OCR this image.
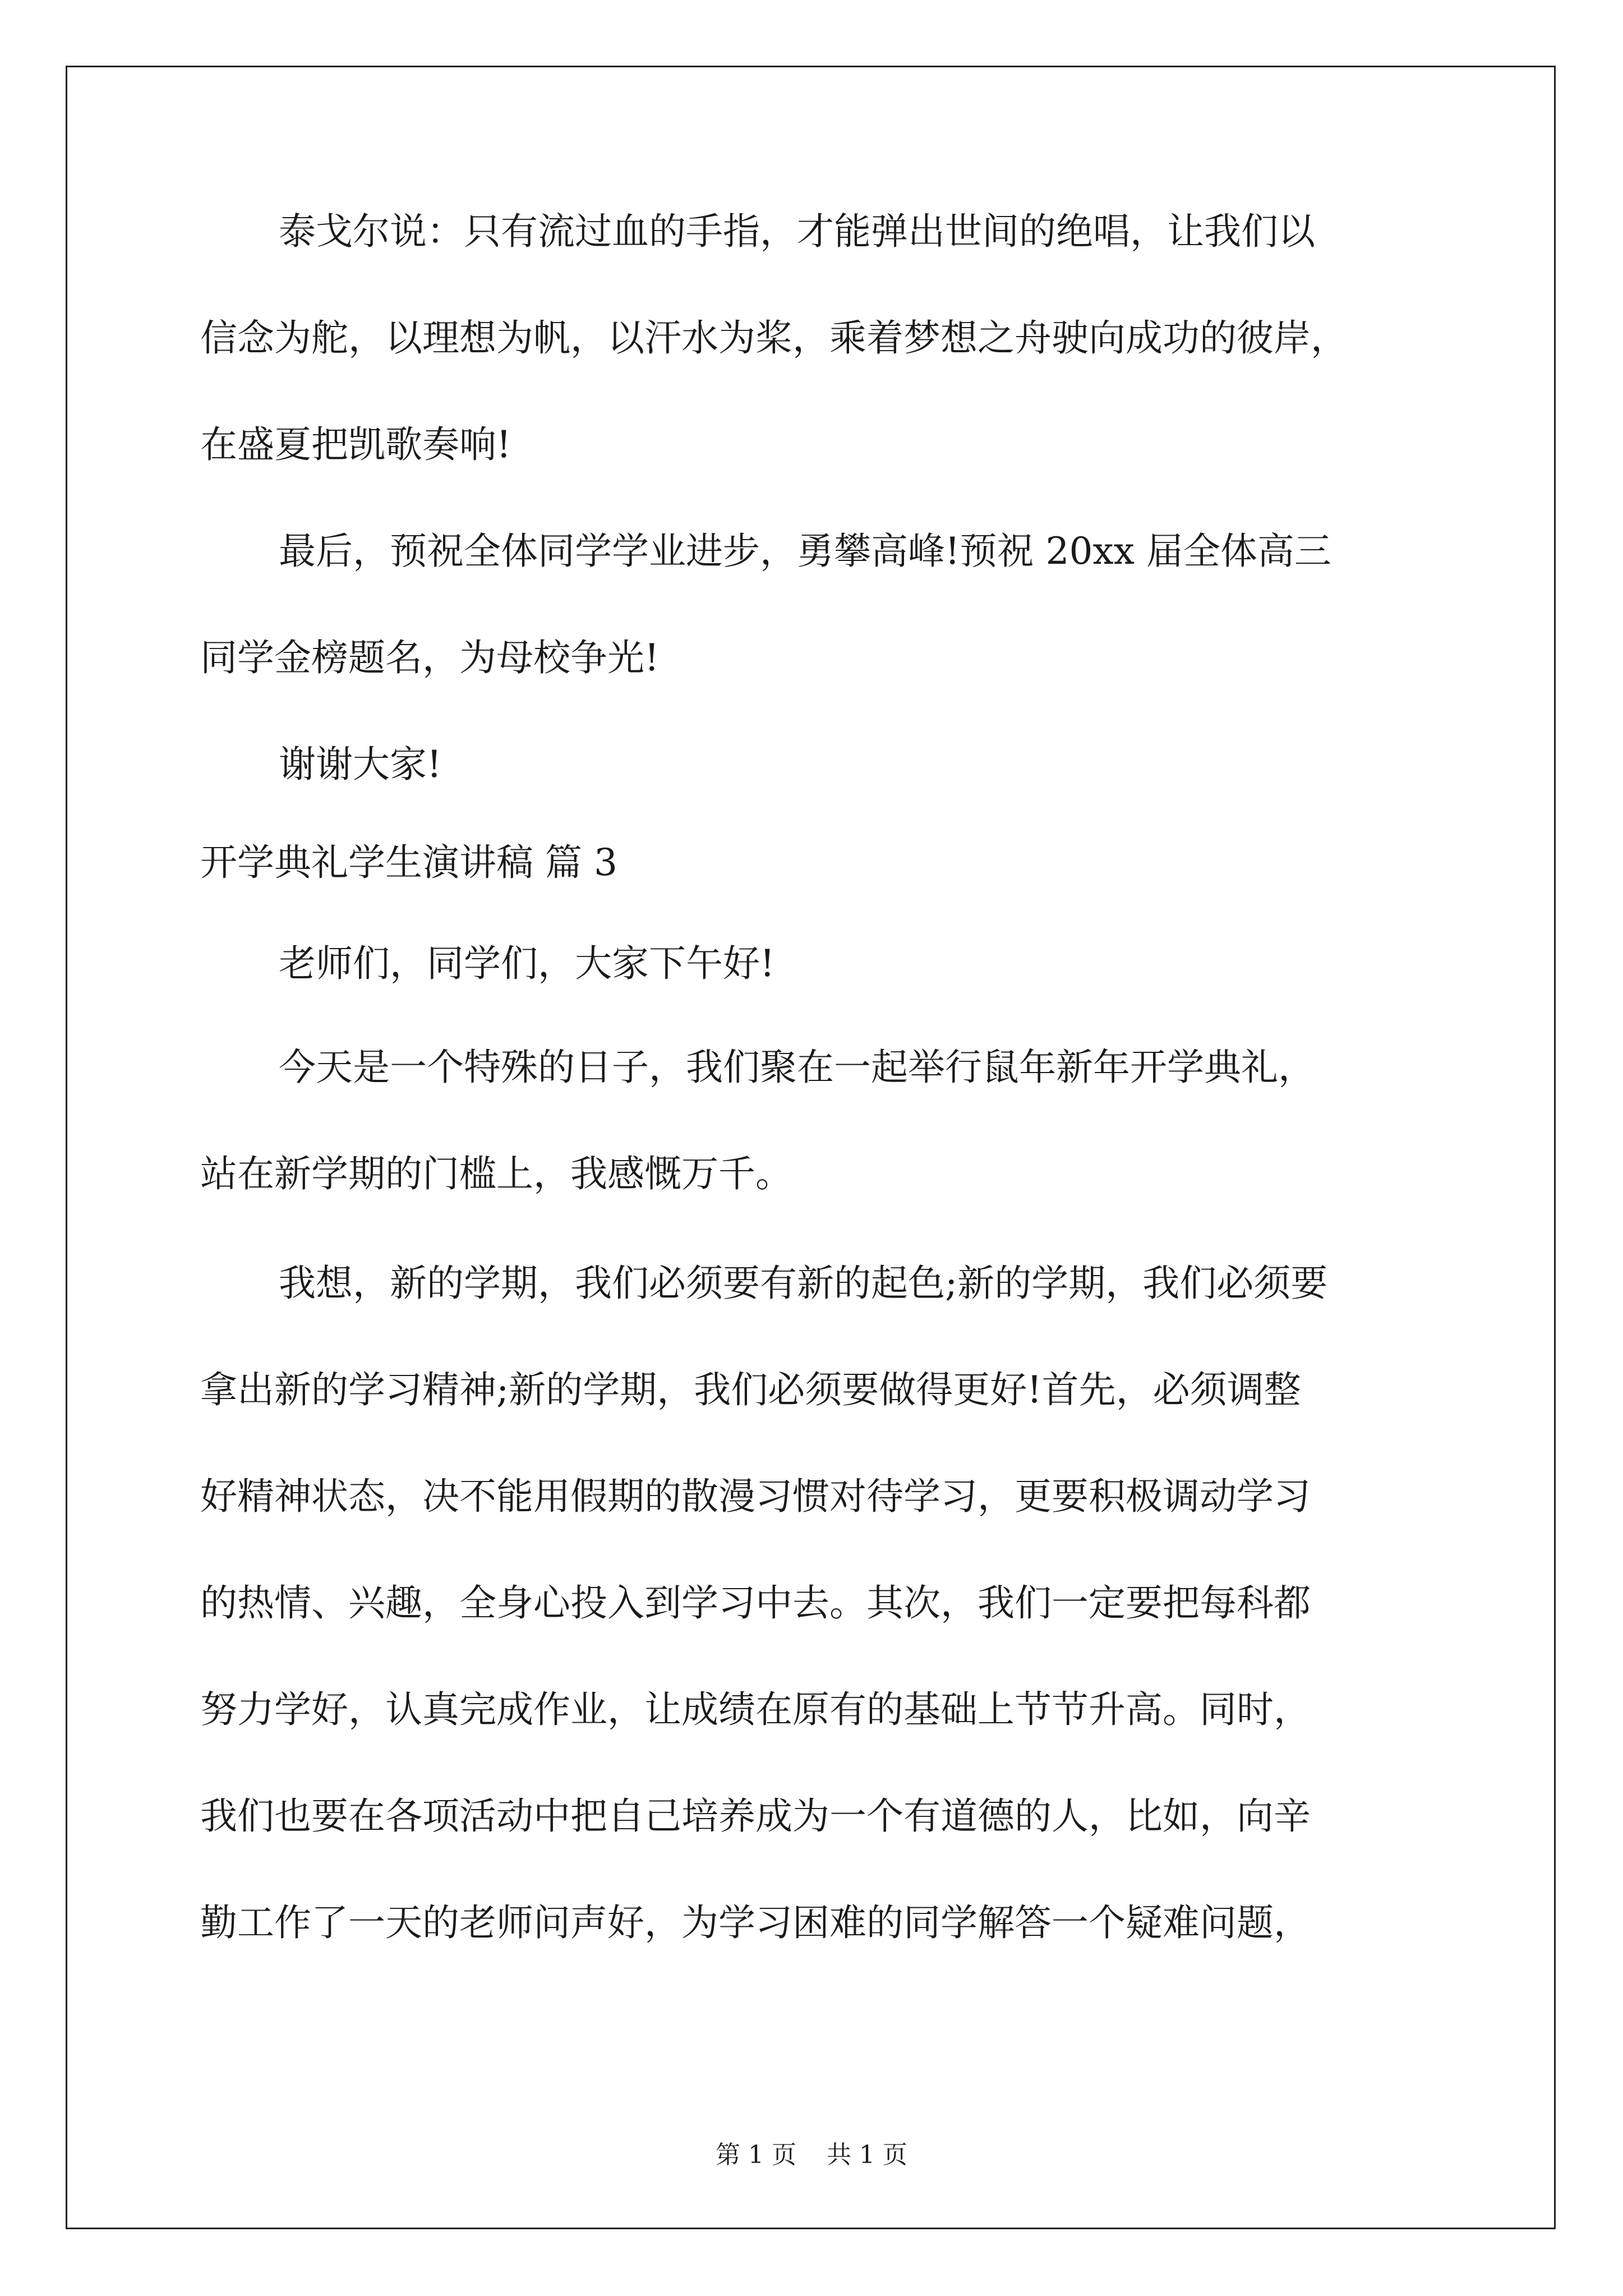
泰戈尔说：只有流过血的手指，才能弹出世间的绝唱，让我们以
信念为舵，以理想为帆，以汗水为桨，乘着梦想之舟驶向成功的彼岸，
在盛夏把凯歌奏响!
最后，预祝全体同学学业进步，勇攀高峰!预祝 20xx 届全体高三
同学金榜题名，为母校争光!
谢谢大家!
开学典礼学生演讲稿 篇 3
老师们，同学们，大家下午好!
今天是一个特殊的日子，我们聚在一起举行鼠年新年开学典礼，
站在新学期的门槛上，我感慨万千。
我想，新的学期，我们必须要有新的起色;新的学期，我们必须要
拿出新的学习精神;新的学期，我们必须要做得更好!首先，必须调整
好精神状态，决不能用假期的散漫习惯对待学习，更要积极调动学习
的热情、兴趣，全身心投入到学习中去。其次，我们一定要把每科都
努力学好，认真完成作业，让成绩在原有的基础上节节升高。同时，
我们也要在各项活动中把自己培养成为一个有道德的人，比如，向辛
勤工作了一天的老师问声好，为学习困难的同学解答一个疑难问题，
第 1 页 共 1 页
